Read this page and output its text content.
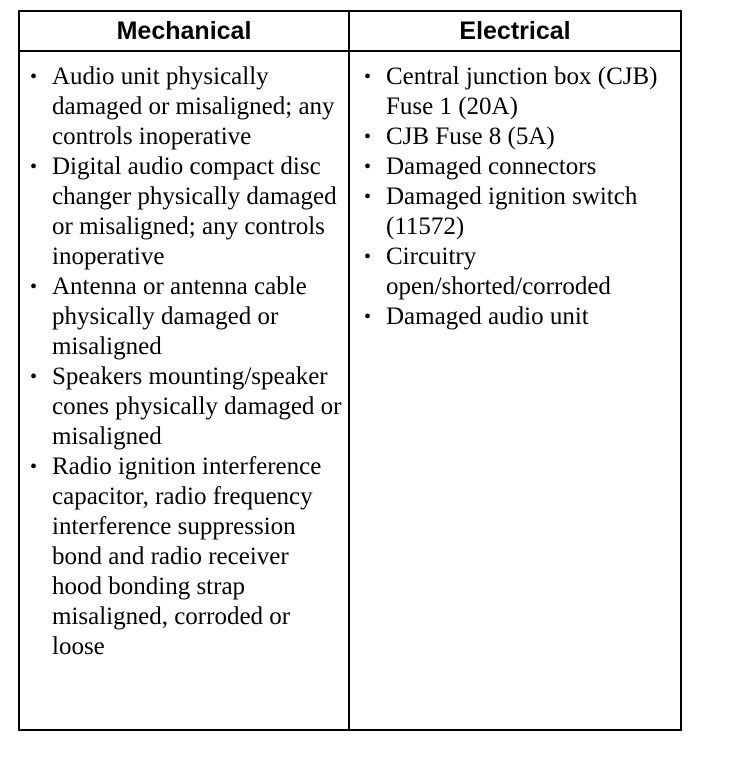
Mechanical	Electrical
• Audio unit physically damaged or misaligned; any controls inoperative
• Digital audio compact disc changer physically damaged or misaligned; any controls inoperative
• Antenna or antenna cable physically damaged or misaligned
• Speakers mounting/speaker cones physically damaged or misaligned
• Radio ignition interference capacitor, radio frequency interference suppression bond and radio receiver hood bonding strap misaligned, corroded or loose
• Central junction box (CJB) Fuse 1 (20A)
• CJB Fuse 8 (5A)
• Damaged connectors
• Damaged ignition switch (11572)
• Circuitry open/shorted/corroded
• Damaged audio unit
